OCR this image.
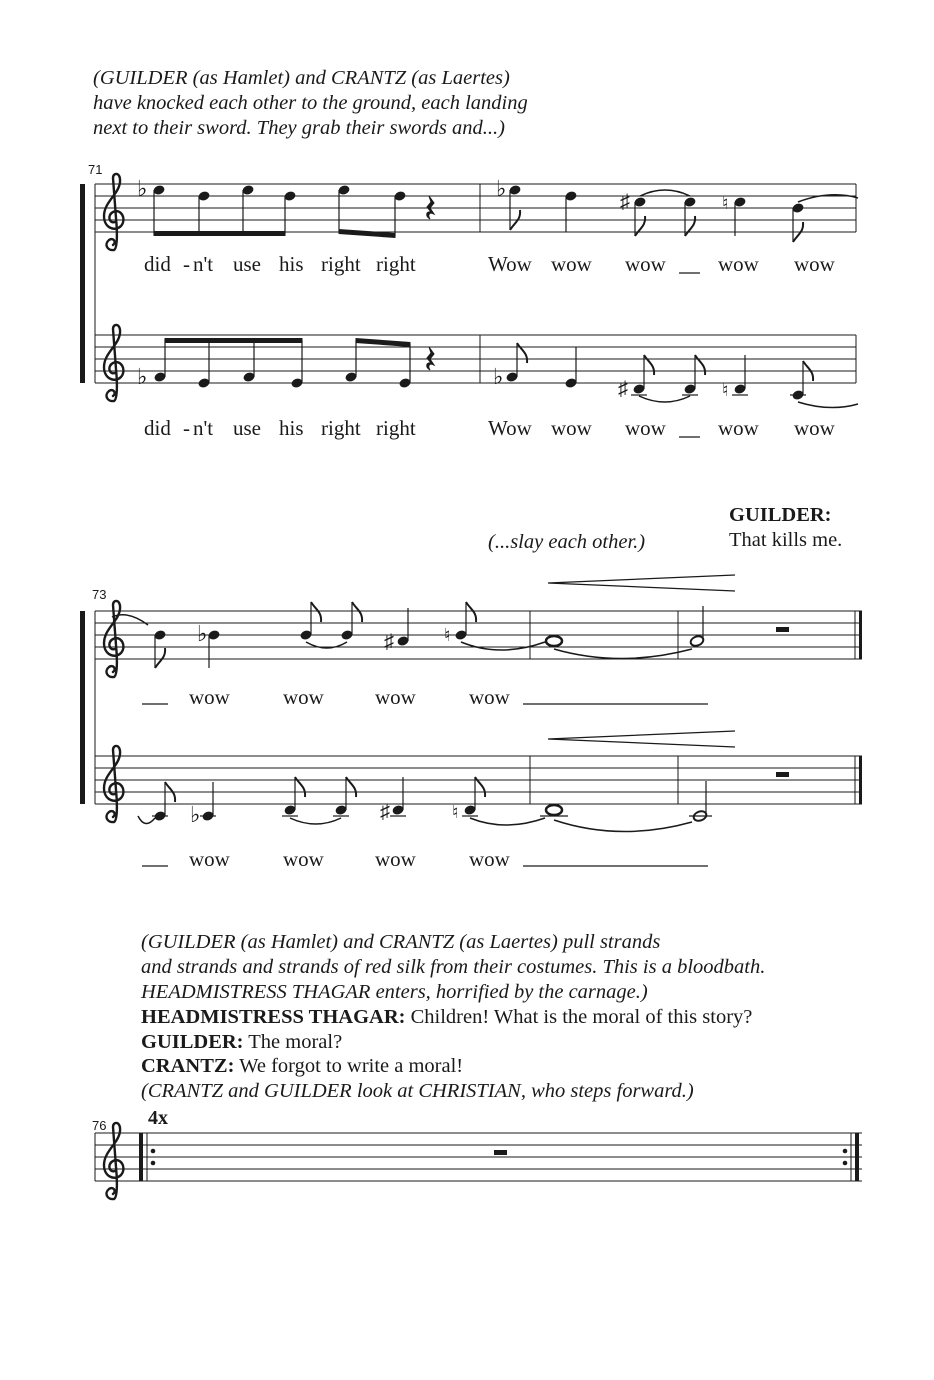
(GUILDER (as Hamlet) and CRANTZ (as Laertes)
have knocked each other to the ground, each landing
next to their sword. They grab their swords and...)
71
73
76
did - n't use his right right	Wow wow wow wow wow
did - n't use his right right	Wow wow wow wow wow
(...slay each other.)
GUILDER:
That kills me.
wow	wow wow	wow
wow	wow wow	wow
(GUILDER (as Hamlet) and CRANTZ (as Laertes) pull strands
and strands and strands of red silk from their costumes. This is a bloodbath.
HEADMISTRESS THAGAR enters, horrified by the carnage.)
HEADMISTRESS THAGAR: Children! What is the moral of this story?
GUILDER: The moral?
CRANTZ: We forgot to write a moral!
(CRANTZ and GUILDER look at CHRISTIAN, who steps forward.)
4x
♭	♭
♯	♮
♭	♭	♯	♮
♭	♯	♮
♭	♯	♮
